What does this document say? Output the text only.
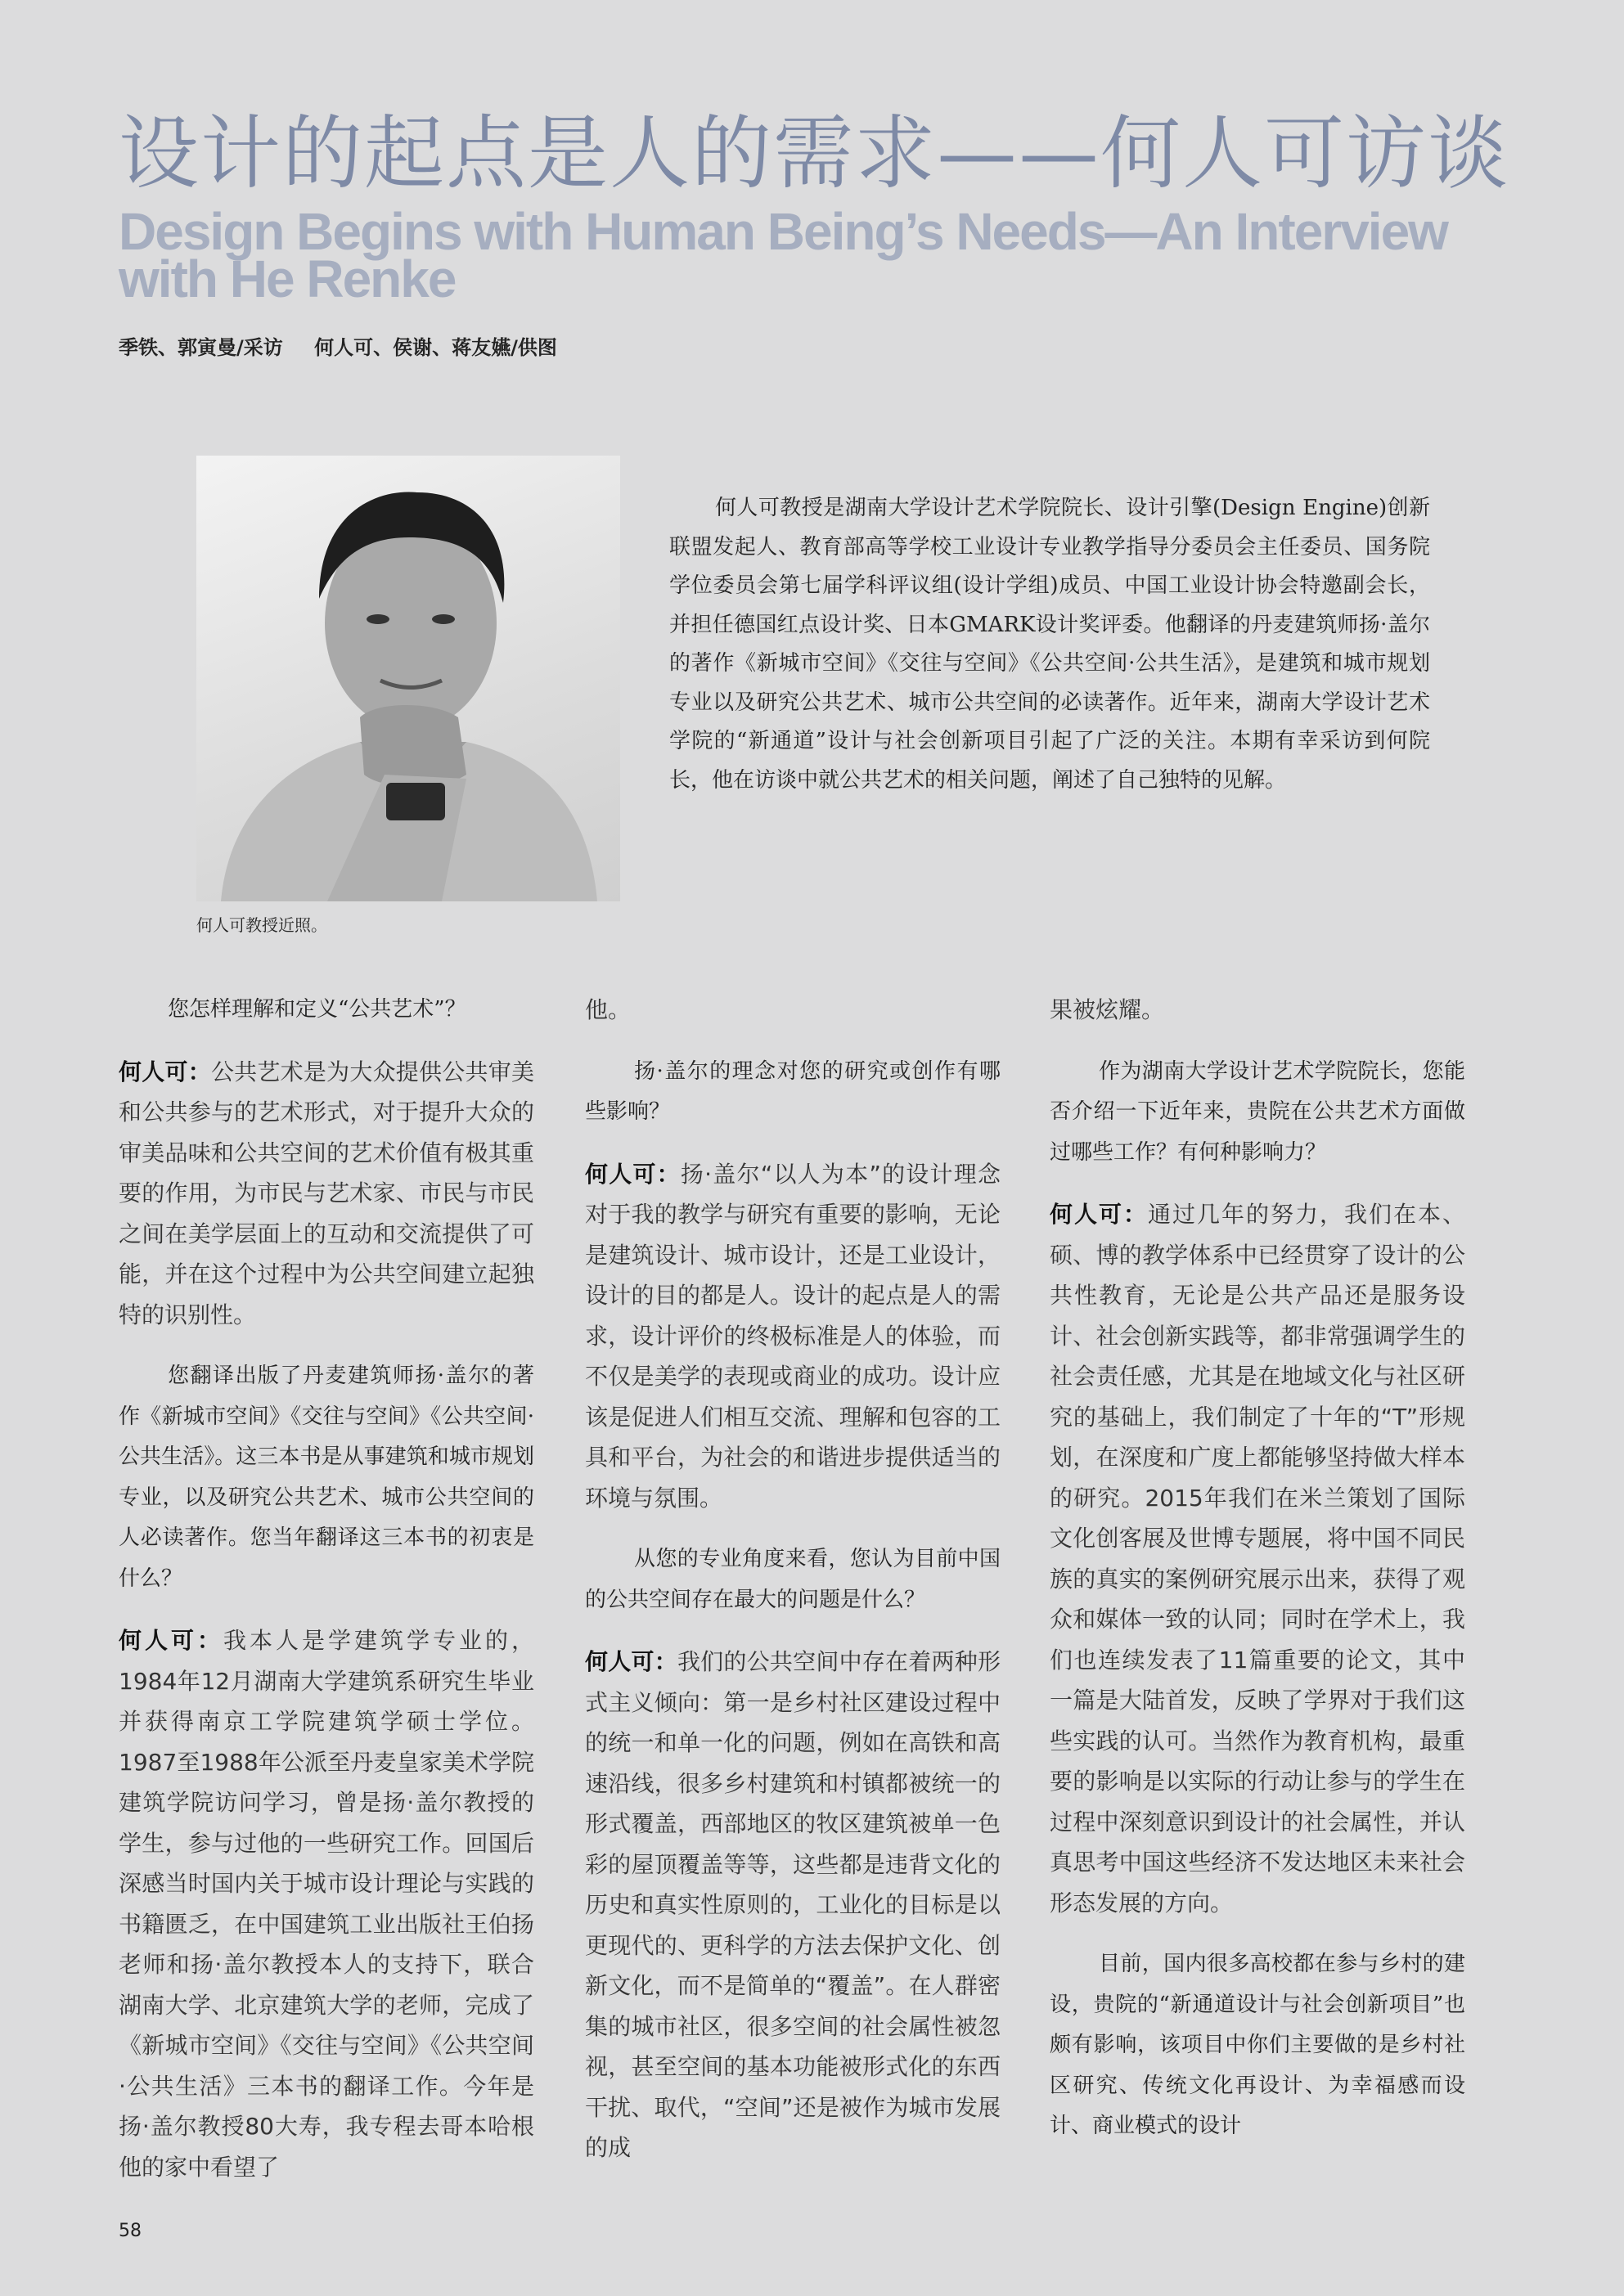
设计的起点是人的需求——何人可访谈
Design Begins with Human Being’s Needs—An Interview with He Renke
季铁、郭寅曼/采访 何人可、侯谢、蒋友嬿/供图
何人可教授近照。

何人可教授是湖南大学设计艺术学院院长、设计引擎(Design Engine)创新联盟发起人、教育部高等学校工业设计专业教学指导分委员会主任委员、国务院学位委员会第七届学科评议组(设计学组)成员、中国工业设计协会特邀副会长，并担任德国红点设计奖、日本GMARK设计奖评委。他翻译的丹麦建筑师扬·盖尔的著作《新城市空间》《交往与空间》《公共空间·公共生活》，是建筑和城市规划专业以及研究公共艺术、城市公共空间的必读著作。近年来，湖南大学设计艺术学院的“新通道”设计与社会创新项目引起了广泛的关注。本期有幸采访到何院长，他在访谈中就公共艺术的相关问题，阐述了自己独特的见解。

您怎样理解和定义“公共艺术”？

何人可：公共艺术是为大众提供公共审美和公共参与的艺术形式，对于提升大众的审美品味和公共空间的艺术价值有极其重要的作用，为市民与艺术家、市民与市民之间在美学层面上的互动和交流提供了可能，并在这个过程中为公共空间建立起独特的识别性。

您翻译出版了丹麦建筑师扬·盖尔的著作《新城市空间》《交往与空间》《公共空间·公共生活》。这三本书是从事建筑和城市规划专业，以及研究公共艺术、城市公共空间的人必读著作。您当年翻译这三本书的初衷是什么？

何人可：我本人是学建筑学专业的，1984年12月湖南大学建筑系研究生毕业并获得南京工学院建筑学硕士学位。1987至1988年公派至丹麦皇家美术学院建筑学院访问学习，曾是扬·盖尔教授的学生，参与过他的一些研究工作。回国后深感当时国内关于城市设计理论与实践的书籍匮乏，在中国建筑工业出版社王伯扬老师和扬·盖尔教授本人的支持下，联合湖南大学、北京建筑大学的老师，完成了《新城市空间》《交往与空间》《公共空间·公共生活》三本书的翻译工作。今年是扬·盖尔教授80大寿，我专程去哥本哈根他的家中看望了

他。

扬·盖尔的理念对您的研究或创作有哪些影响？

何人可：扬·盖尔“以人为本”的设计理念对于我的教学与研究有重要的影响，无论是建筑设计、城市设计，还是工业设计，设计的目的都是人。设计的起点是人的需求，设计评价的终极标准是人的体验，而不仅是美学的表现或商业的成功。设计应该是促进人们相互交流、理解和包容的工具和平台，为社会的和谐进步提供适当的环境与氛围。

从您的专业角度来看，您认为目前中国的公共空间存在最大的问题是什么？

何人可：我们的公共空间中存在着两种形式主义倾向：第一是乡村社区建设过程中的统一和单一化的问题，例如在高铁和高速沿线，很多乡村建筑和村镇都被统一的形式覆盖，西部地区的牧区建筑被单一色彩的屋顶覆盖等等，这些都是违背文化的历史和真实性原则的，工业化的目标是以更现代的、更科学的方法去保护文化、创新文化，而不是简单的“覆盖”。在人群密集的城市社区，很多空间的社会属性被忽视，甚至空间的基本功能被形式化的东西干扰、取代，“空间”还是被作为城市发展的成

果被炫耀。

作为湖南大学设计艺术学院院长，您能否介绍一下近年来，贵院在公共艺术方面做过哪些工作？有何种影响力？

何人可：通过几年的努力，我们在本、硕、博的教学体系中已经贯穿了设计的公共性教育，无论是公共产品还是服务设计、社会创新实践等，都非常强调学生的社会责任感，尤其是在地域文化与社区研究的基础上，我们制定了十年的“T”形规划，在深度和广度上都能够坚持做大样本的研究。2015年我们在米兰策划了国际文化创客展及世博专题展，将中国不同民族的真实的案例研究展示出来，获得了观众和媒体一致的认同；同时在学术上，我们也连续发表了11篇重要的论文，其中一篇是大陆首发，反映了学界对于我们这些实践的认可。当然作为教育机构，最重要的影响是以实际的行动让参与的学生在过程中深刻意识到设计的社会属性，并认真思考中国这些经济不发达地区未来社会形态发展的方向。

目前，国内很多高校都在参与乡村的建设，贵院的“新通道设计与社会创新项目”也颇有影响，该项目中你们主要做的是乡村社区研究、传统文化再设计、为幸福感而设计、商业模式的设计

58
